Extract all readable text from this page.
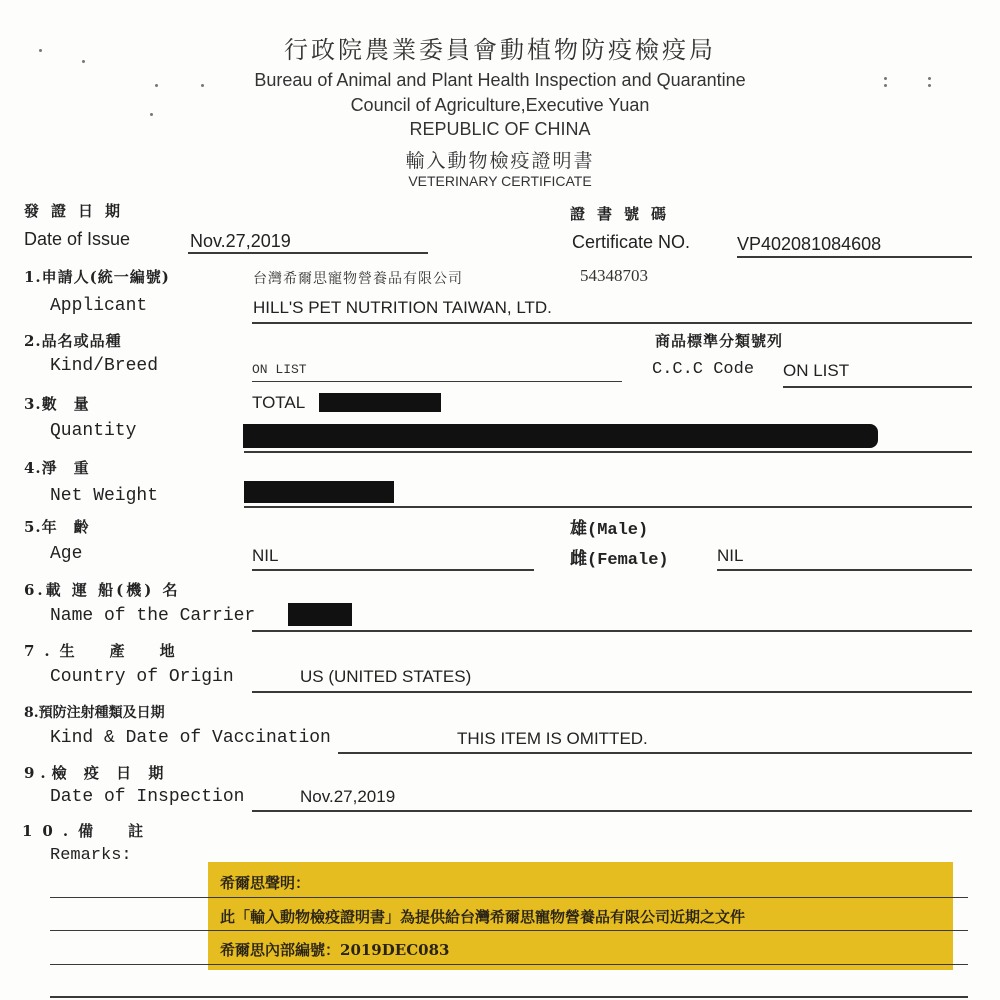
行政院農業委員會動植物防疫檢疫局
Bureau of Animal and Plant Health Inspection and Quarantine
Council of Agriculture,Executive Yuan
REPUBLIC OF CHINA
輸入動物檢疫證明書
VETERINARY CERTIFICATE
發證日期
Date of Issue	Nov.27,2019
證書號碼
Certificate NO.	VP402081084608
1.申請人(統一編號)	台灣希爾思寵物營養品有限公司	54348703
Applicant	HILL'S PET NUTRITION TAIWAN, LTD.
2.品名或品種
Kind/Breed	ON LIST
商品標準分類號列
C.C.C Code ON LIST
3.數　量	TOTAL
Quantity
4.淨　重
Net Weight
5.年　齡
Age	NIL
雄(Male)
雌(Female)	NIL
6.載 運 船(機) 名
Name of the Carrier
7.生　產　地
Country of Origin	US (UNITED STATES)
8.預防注射種類及日期
Kind & Date of Vaccination	THIS ITEM IS OMITTED.
9.檢 疫 日 期
Date of Inspection	Nov.27,2019
10.備　註
Remarks:
希爾思聲明：
此「輸入動物檢疫證明書」為提供給台灣希爾思寵物營養品有限公司近期之文件
希爾思內部編號：2019DEC083
